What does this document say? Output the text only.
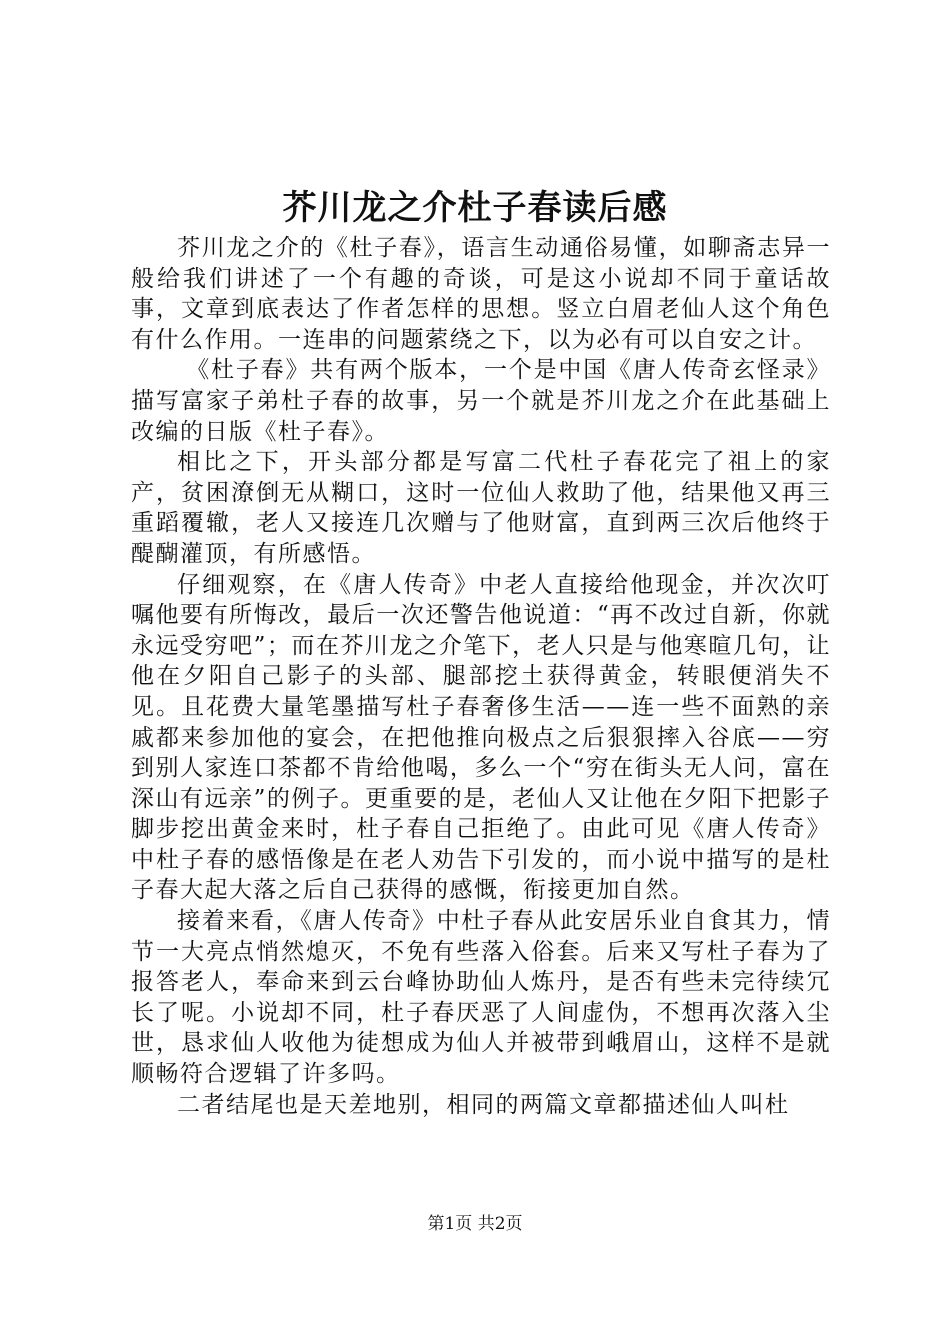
芥川龙之介杜子春读后感

芥川龙之介的《杜子春》，语言生动通俗易懂，如聊斋志异一般给我们讲述了一个有趣的奇谈，可是这小说却不同于童话故事，文章到底表达了作者怎样的思想。竖立白眉老仙人这个角色有什么作用。一连串的问题萦绕之下，以为必有可以自安之计。

《杜子春》共有两个版本，一个是中国《唐人传奇玄怪录》描写富家子弟杜子春的故事，另一个就是芥川龙之介在此基础上改编的日版《杜子春》。

相比之下，开头部分都是写富二代杜子春花完了祖上的家产，贫困潦倒无从糊口，这时一位仙人救助了他，结果他又再三重蹈覆辙，老人又接连几次赠与了他财富，直到两三次后他终于醍醐灌顶，有所感悟。

仔细观察，在《唐人传奇》中老人直接给他现金，并次次叮嘱他要有所悔改，最后一次还警告他说道：“再不改过自新，你就永远受穷吧”；而在芥川龙之介笔下，老人只是与他寒暄几句，让他在夕阳自己影子的头部、腿部挖土获得黄金，转眼便消失不见。且花费大量笔墨描写杜子春奢侈生活——连一些不面熟的亲戚都来参加他的宴会，在把他推向极点之后狠狠摔入谷底——穷到别人家连口茶都不肯给他喝，多么一个“穷在街头无人问，富在深山有远亲”的例子。更重要的是，老仙人又让他在夕阳下把影子脚步挖出黄金来时，杜子春自己拒绝了。由此可见《唐人传奇》中杜子春的感悟像是在老人劝告下引发的，而小说中描写的是杜子春大起大落之后自己获得的感慨，衔接更加自然。

接着来看，《唐人传奇》中杜子春从此安居乐业自食其力，情节一大亮点悄然熄灭，不免有些落入俗套。后来又写杜子春为了报答老人，奉命来到云台峰协助仙人炼丹，是否有些未完待续冗长了呢。小说却不同，杜子春厌恶了人间虚伪，不想再次落入尘世，恳求仙人收他为徒想成为仙人并被带到峨眉山，这样不是就顺畅符合逻辑了许多吗。

二者结尾也是天差地别，相同的两篇文章都描述仙人叫杜

第1页 共2页
